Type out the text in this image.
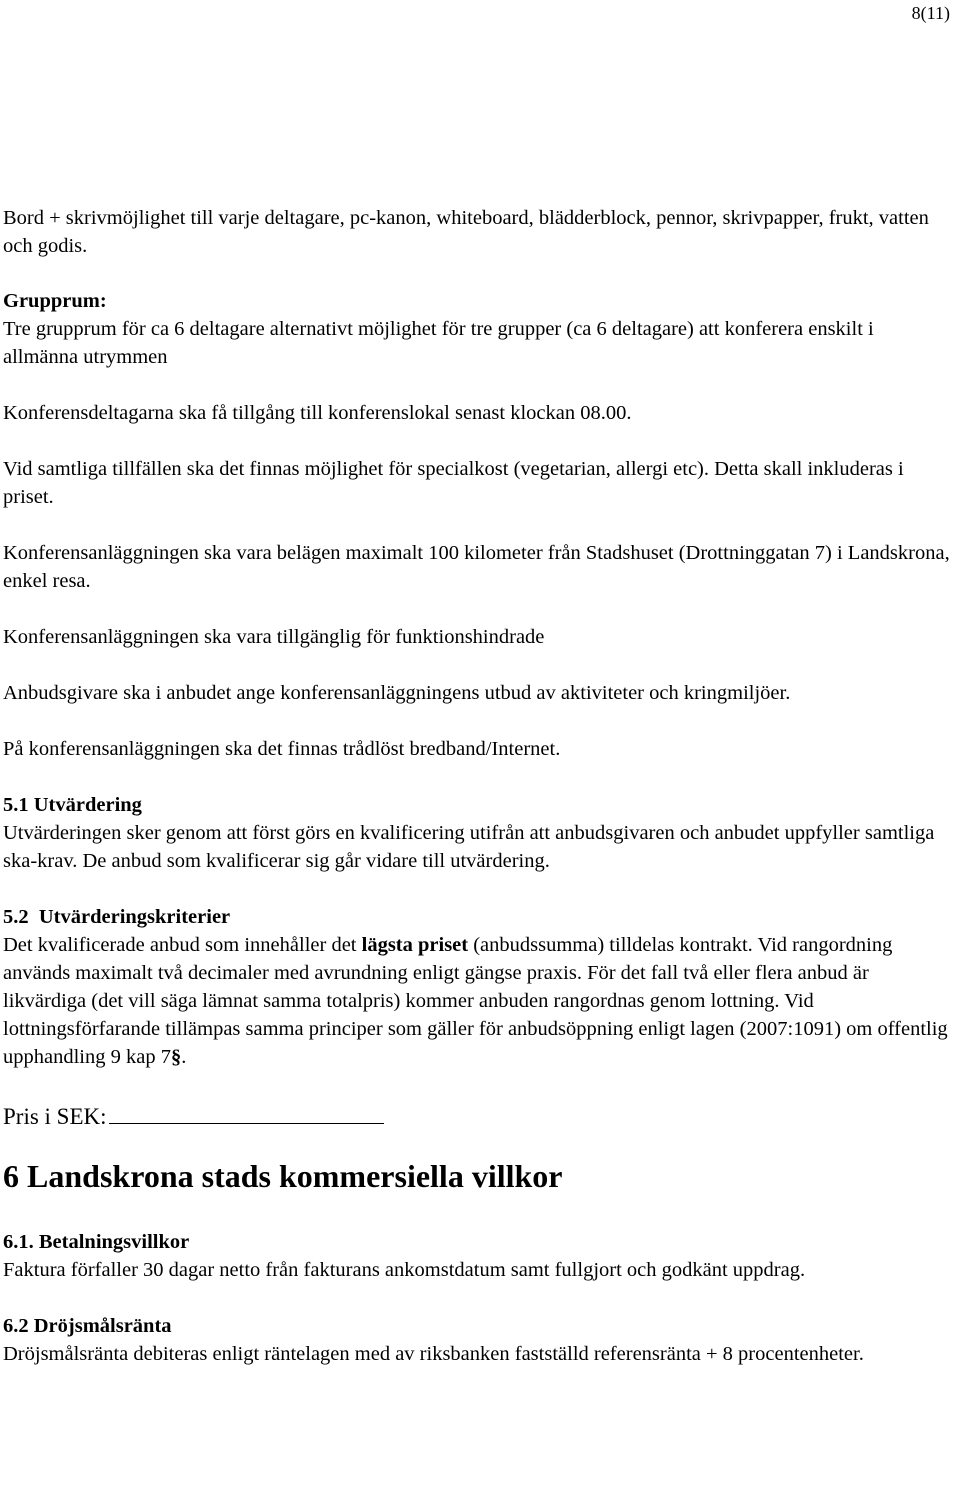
8(11)

Bord + skrivmöjlighet till varje deltagare, pc-kanon, whiteboard, blädderblock, pennor, skrivpapper, frukt, vatten och godis.

Grupprum:

Tre grupprum för ca 6 deltagare alternativt möjlighet för tre grupper (ca 6 deltagare) att konferera enskilt i allmänna utrymmen

Konferensdeltagarna ska få tillgång till konferenslokal senast klockan 08.00.

Vid samtliga tillfällen ska det finnas möjlighet för specialkost (vegetarian, allergi etc). Detta skall inkluderas i priset.

Konferensanläggningen ska vara belägen maximalt 100 kilometer från Stadshuset (Drottninggatan 7) i Landskrona, enkel resa.

Konferensanläggningen ska vara tillgänglig för funktionshindrade

Anbudsgivare ska i anbudet ange konferensanläggningens utbud av aktiviteter och kringmiljöer.

På konferensanläggningen ska det finnas trådlöst bredband/Internet.

5.1 Utvärdering

Utvärderingen sker genom att först görs en kvalificering utifrån att anbudsgivaren och anbudet uppfyller samtliga ska-krav. De anbud som kvalificerar sig går vidare till utvärdering.

5.2  Utvärderingskriterier

Det kvalificerade anbud som innehåller det lägsta priset (anbudssumma) tilldelas kontrakt. Vid rangordning används maximalt två decimaler med avrundning enligt gängse praxis. För det fall två eller flera anbud är likvärdiga (det vill säga lämnat samma totalpris) kommer anbuden rangordnas genom lottning. Vid lottningsförfarande tillämpas samma principer som gäller för anbudsöppning enligt lagen (2007:1091) om offentlig upphandling 9 kap 7§.

Pris i SEK:

6 Landskrona stads kommersiella villkor

6.1. Betalningsvillkor

Faktura förfaller 30 dagar netto från fakturans ankomstdatum samt fullgjort och godkänt uppdrag.

6.2 Dröjsmålsränta

Dröjsmålsränta debiteras enligt räntelagen med av riksbanken fastställd referensränta + 8 procentenheter.
